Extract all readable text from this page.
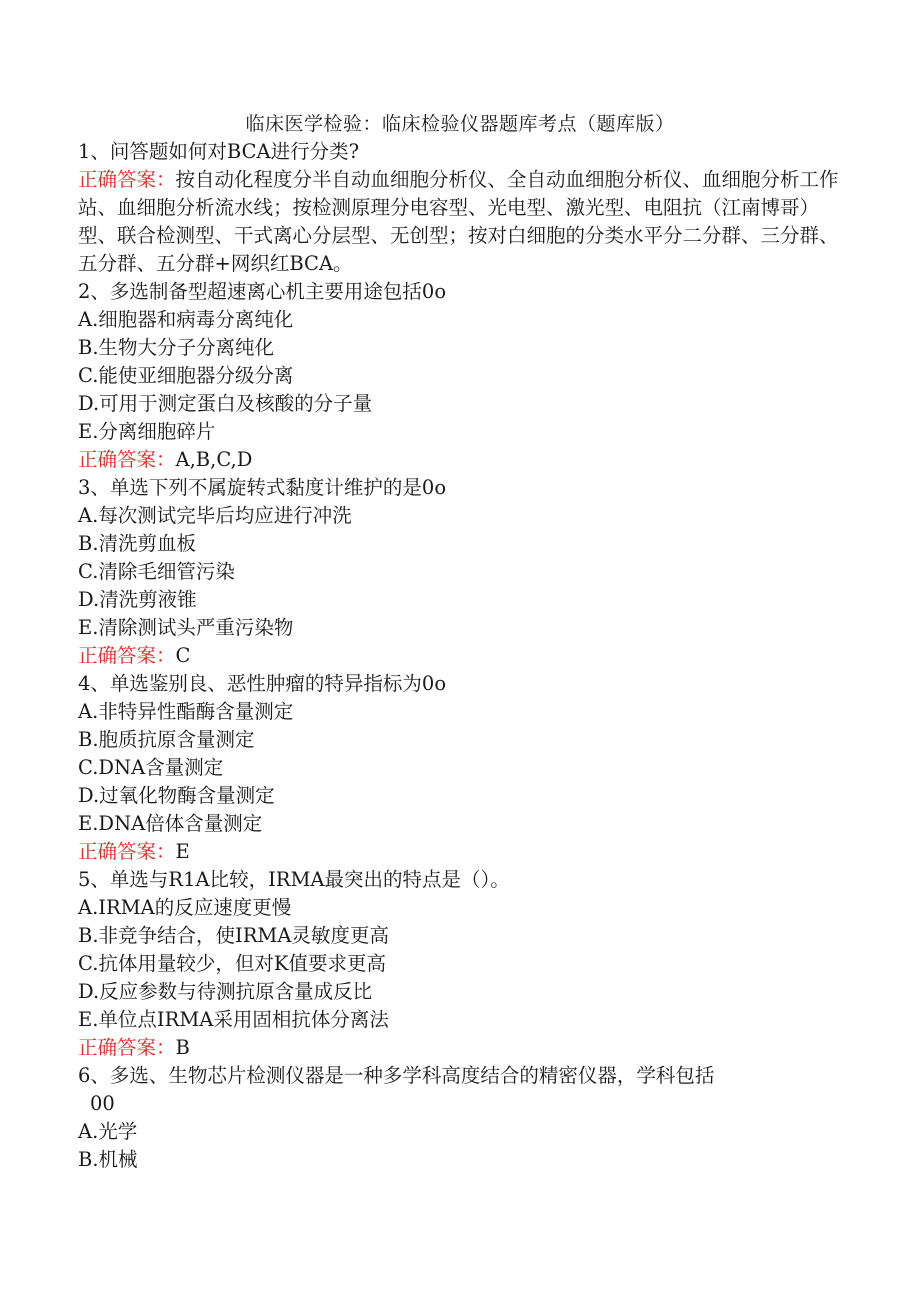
临床医学检验：临床检验仪器题库考点（题库版）

1、问答题如何对BCA进行分类?

正确答案：按自动化程度分半自动血细胞分析仪、全自动血细胞分析仪、血细胞分析工作站、血细胞分析流水线；按检测原理分电容型、光电型、激光型、电阻抗（江南博哥）型、联合检测型、干式离心分层型、无创型；按对白细胞的分类水平分二分群、三分群、五分群、五分群+网织红BCA。

2、多选制备型超速离心机主要用途包括0o

A.细胞器和病毒分离纯化

B.生物大分子分离纯化

C.能使亚细胞器分级分离

D.可用于测定蛋白及核酸的分子量

E.分离细胞碎片

正确答案：A,B,C,D

3、单选下列不属旋转式黏度计维护的是0o

A.每次测试完毕后均应进行冲洗

B.清洗剪血板

C.清除毛细管污染

D.清洗剪液锥

E.清除测试头严重污染物

正确答案：C

4、单选鉴别良、恶性肿瘤的特异指标为0o

A.非特异性酯酶含量测定

B.胞质抗原含量测定

C.DNA含量测定

D.过氧化物酶含量测定

E.DNA倍体含量测定

正确答案：E

5、单选与R1A比较，IRMA最突出的特点是（）。

A.IRMA的反应速度更慢

B.非竞争结合，使IRMA灵敏度更高

C.抗体用量较少，但对K值要求更高

D.反应参数与待测抗原含量成反比

E.单位点IRMA采用固相抗体分离法

正确答案：B

6、多选、生物芯片检测仪器是一种多学科高度结合的精密仪器，学科包括

00

A.光学

B.机械
